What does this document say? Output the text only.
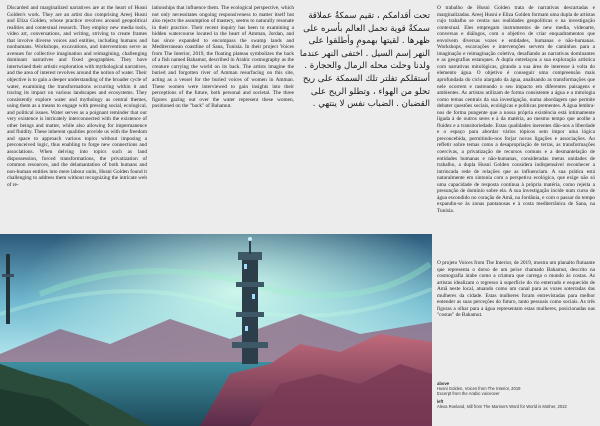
Discarded and marginalized narratives are at the heart of Husni Golden's work. They are an artist duo comprising Areej Husni and Eliza Golden, whose practice revolves around geopolitical realities and contextual research. They employ new media tools, video art, conversations, and writing, striving to create frames that involve diverse voices and entities, including humans and nonhumans. Workshops, excavations, and interventions serve as avenues for collective imagination and reimagining, challenging dominant narratives and fixed geographies. They have intertwined their artistic exploration with mythological narratives, and the area of interest revolves around the notion of water. Their objective is to gain a deeper understanding of the broader cycle of water, examining the transformations occurring within it and tracing its impact on various landscapes and ecosystems. They consistently explore water and mythology as central themes, using them as a means to engage with pressing social, ecological, and political issues. Water serves as a poignant reminder that our very existence is intricately interconnected with the existence of other beings and matter, while also allowing for impermanence and fluidity. These inherent qualities provide us with the freedom and space to approach various topics without imposing a preconceived logic, thus enabling to forge new connections and associations. When delving into topics such as land dispossession, forced transformations, the privatization of common resources, and the delamantation of both humans and non-human entities into mere labour units, Husni Golden found it challenging to address them without recognizing the intricate web of re-

lationships that influence them. The ecological perspective, which not only necessitates ongoing responsiveness to matter itself but also rejects the assumption of mastery, seems to naturally resonate in their practice. Their recent inquiry has been to examining a hidden watercourse located in the heart of Amman, Jordan, and has since expanded to encompass the swamp lands and Mediterranean coastline of Sana, Tunisia. In their project Voices from The Interior, 2019, the floating plateau symbolizes the back of a fish named Bahamut, described in Arabic cosmography as the creature carrying the world on its back. The artists imagine the buried and forgotten river of Amman resurfacing on this site, acting as a vessel for the buried voices of women in Amman. These women were interviewed to gain insights into their perceptions of the future, both personal and societal. The three figures gazing out over the water represent these women, positioned on the "back" of Bahamut.

تحت أقدامكم ، تقيم سمكةٌ عملاقة سمكةٌ قوية تحمل العالم بأسره على ظهرها . لقيتها بهمومٍ وأطلقوا على النهر إسم السيل . اختفى النهر عندما ولدنا وحلت محله الرمال والحجارة . أستقلكم تفلتر تلك السمكة على ريح تحلو من الهواء ، وتطلو الريح على القضبان . الضباب نفس لا ينتهي .

O trabalho de Husni Golden trata de narrativas descartadas e marginalizadas. Areej Husni e Eliza Golden formam uma dupla de artistas cujo trabalho se centra nas realidades geopolíticas e na investigação contextual. Eles empregam instrumentos de new media, videoarte, conversas e diálogos, com o objetivo de criar enquadramentos que envolvem diversas vozes e entidades, humanas e não-humanas. Workshops, escavações e intervenções servem de caminhos para a imaginação e reimaginação coletiva, desafiando as narrativas dominantes e as geografias estanques. A dupla entrelaçou a sua exploração artística com narrativas mitológicas, girando a sua área de interesse à volta do elemento água. O objetivo é conseguir uma compreensão mais aprofundada do ciclo alargado da água, analisando as transformações que nele ocorrem e rastreando o seu impacto em diferentes paisagens e ambientes. As artistas utilizam de forma consistente a água e a mitologia como temas centrais da sua investigação, numa abordagem que permite debater questões sociais, ecológicas e políticas prementes. A água lembra-nos de forma pungente que a nossa própria existência está intimamente ligada à de outros seres e à da matéria, ao mesmo tempo que acolhe a fluidez e a transitoriedade. Estas qualidades inerentes dão-nos a liberdade e o espaço para abordar vários tópicos sem impor uma lógica preconcebida, permitindo-nos forjar novas ligações e associações. Ao refletir sobre temas como a desapropriação de terras, as transformações coercivas, a privatização de recursos comuns e a desmantelação de entidades humanas e não-humanas, consideradas meras unidades de trabalho, a dupla Husni Golden considera indispensável reconhecer a intrincada rede de relações que as influenciam. A sua prática está naturalmente em sintonia com a perspetiva ecológica, que exige não só uma capacidade de resposta contínua à própria matéria, como rejeita a presunção de domínio sobre ela. A sua investigação incide num curso de água escondido no coração de Amã, na Jordânia, e com o passar do tempo expandiu-se às zonas pantanosas e à costa mediterrânica de Sana, na Tunísia.

O projeto Voices from The Interior, de 2019, mostra um planalto flutuante que representa o dorso de um peixe chamado Bahamut, descrito na cosmografia árabe como a criatura que carrega o mundo às costas. As artistas idealizam o regresso à superfície do rio enterrado e esquecido de Amã neste local, atuando como um canal para as vozes soterradas das mulheres da cidade. Estas mulheres foram entrevistadas para melhor entender as suas perceções do futuro, tanto pessoais como sociais. As três figuras a olhar para a água representam estas mulheres, posicionadas nas "costas" de Bahamut.

above
Husni Golden, Voices from The Interior, 2019
Excerpt from the Arabic voiceover
left
Alexa Roeland, still from The Mariners Word for World is Mother, 2022
